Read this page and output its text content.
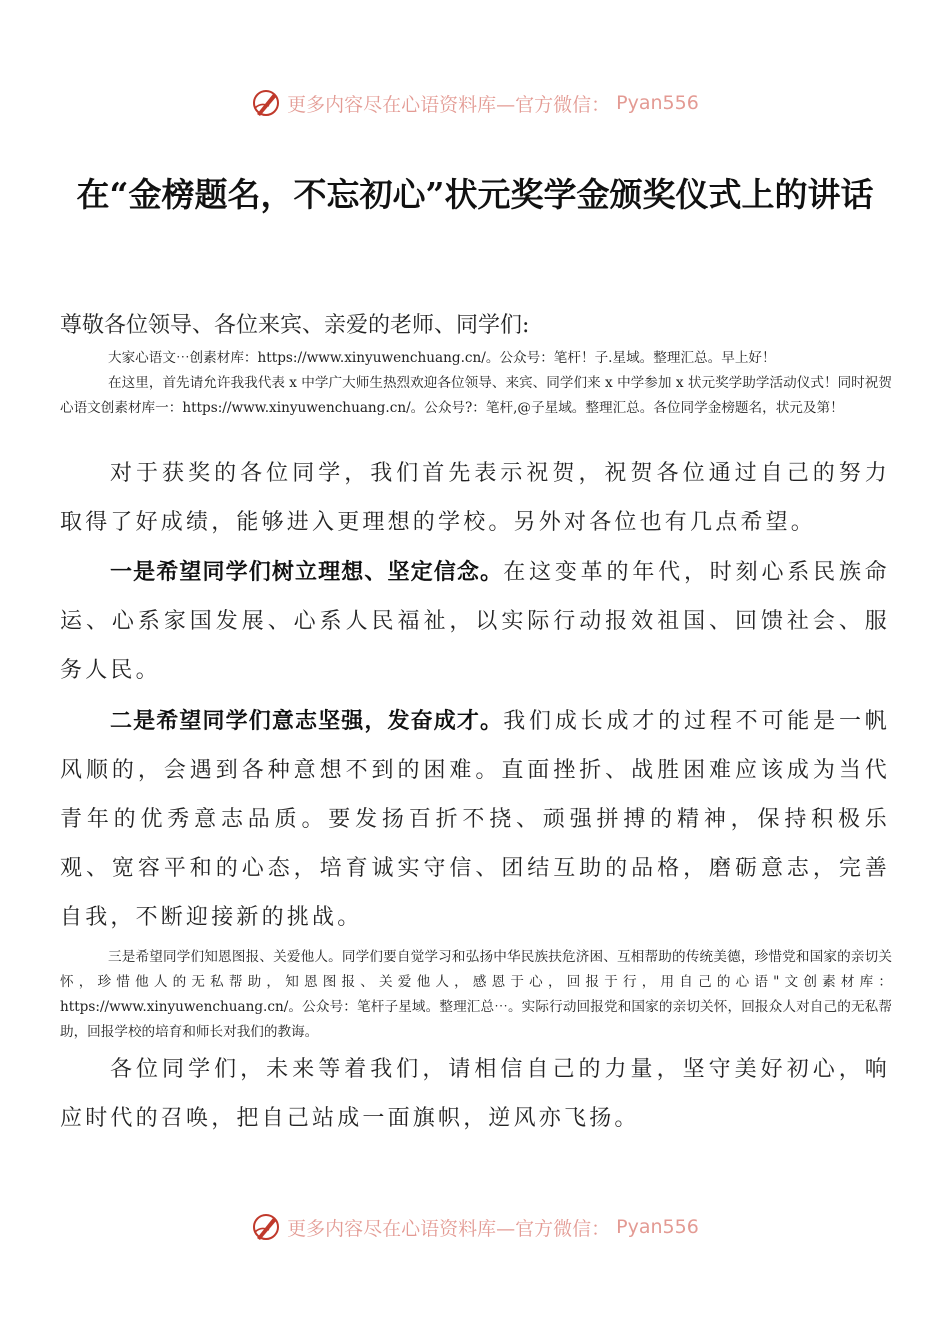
更多内容尽在心语资料库—官方微信： Pyan556
在“金榜题名，不忘初心”状元奖学金颁奖仪式上的讲话

尊敬各位领导、各位来宾、亲爱的老师、同学们:

大家心语文⋯创素材库：https://www.xinyuwenchuang.cn/。公众号：笔杆！子.星域。整理汇总。早上好！
在这里，首先请允许我我代表 x 中学广大师生热烈欢迎各位领导、来宾、同学们来 x 中学参加 x 状元奖学助学活动仪式！同时祝贺心语文创素材库一：https://www.xinyuwenchuang.cn/。公众号?：笔杆,@子星域。整理汇总。各位同学金榜题名，状元及第！

对于获奖的各位同学，我们首先表示祝贺，祝贺各位通过自己的努力取得了好成绩，能够进入更理想的学校。另外对各位也有几点希望。

一是希望同学们树立理想、坚定信念。在这变革的年代，时刻心系民族命运、心系家国发展、心系人民福祉，以实际行动报效祖国、回馈社会、服务人民。

二是希望同学们意志坚强，发奋成才。我们成长成才的过程不可能是一帆风顺的，会遇到各种意想不到的困难。直面挫折、战胜困难应该成为当代青年的优秀意志品质。要发扬百折不挠、顽强拼搏的精神，保持积极乐观、宽容平和的心态，培育诚实守信、团结互助的品格，磨砺意志，完善自我，不断迎接新的挑战。

三是希望同学们知恩图报、关爱他人。同学们要自觉学习和弘扬中华民族扶危济困、互相帮助的传统美德，珍惜党和国家的亲切关怀，珍惜他人的无私帮助，知恩图报、关爱他人，感恩于心，回报于行，用自己的心语"文创素材库：https://www.xinyuwenchuang.cn/。公众号：笔杆子星域。整理汇总⋯。实际行动回报党和国家的亲切关怀，回报众人对自己的无私帮助，回报学校的培育和师长对我们的教诲。

各位同学们，未来等着我们，请相信自己的力量，坚守美好初心，响应时代的召唤，把自己站成一面旗帜，逆风亦飞扬。

更多内容尽在心语资料库—官方微信： Pyan556
